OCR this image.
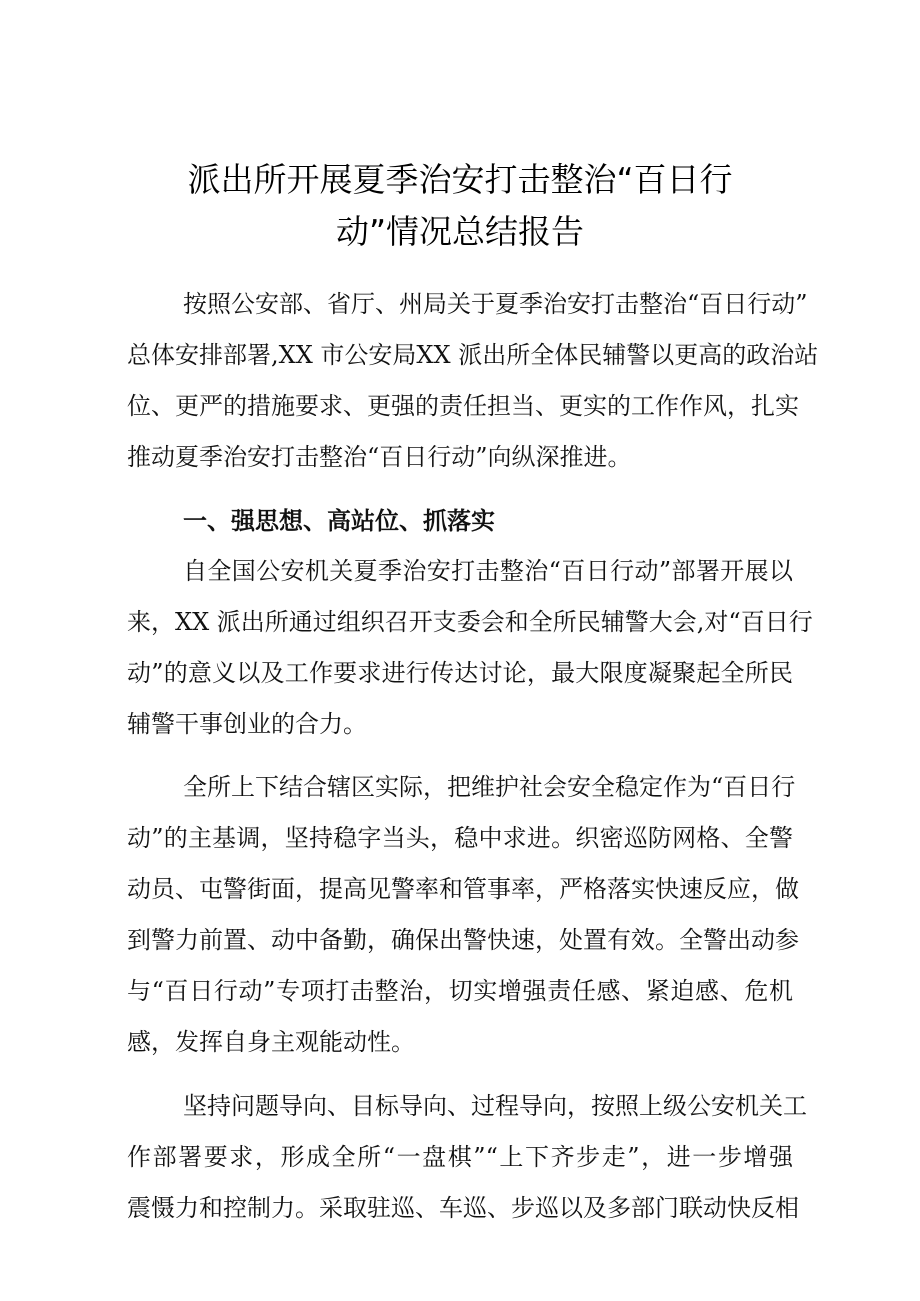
派出所开展夏季治安打击整治“百日行
动”情况总结报告
按照公安部、省厅、州局关于夏季治安打击整治“百日行动”
总体安排部署,XX 市公安局XX 派出所全体民辅警以更高的政治站
位、更严的措施要求、更强的责任担当、更实的工作作风，扎实
推动夏季治安打击整治“百日行动”向纵深推进。
一、强思想、高站位、抓落实
自全国公安机关夏季治安打击整治“百日行动”部署开展以
来，XX 派出所通过组织召开支委会和全所民辅警大会,对“百日行
动”的意义以及工作要求进行传达讨论，最大限度凝聚起全所民
辅警干事创业的合力。
全所上下结合辖区实际，把维护社会安全稳定作为“百日行
动”的主基调，坚持稳字当头，稳中求进。织密巡防网格、全警
动员、屯警街面，提高见警率和管事率，严格落实快速反应，做
到警力前置、动中备勤，确保出警快速，处置有效。全警出动参
与“百日行动”专项打击整治，切实增强责任感、紧迫感、危机
感，发挥自身主观能动性。
坚持问题导向、目标导向、过程导向，按照上级公安机关工
作部署要求，形成全所“一盘棋”“上下齐步走”，进一步增强
震慑力和控制力。采取驻巡、车巡、步巡以及多部门联动快反相
